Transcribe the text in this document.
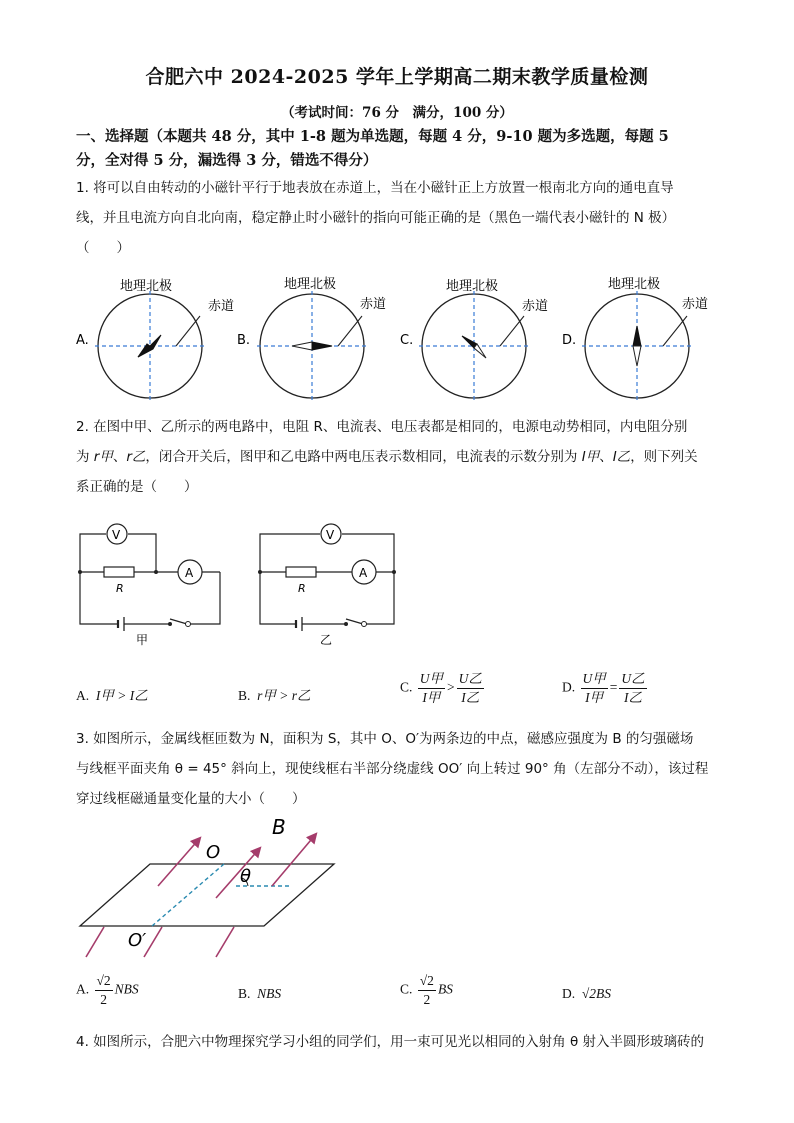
合肥六中 2024-2025 学年上学期高二期末教学质量检测
（考试时间：76 分　满分，100 分）
一、选择题（本题共 48 分，其中 1-8 题为单选题，每题 4 分，9-10 题为多选题，每题 5
分，全对得 5 分，漏选得 3 分，错选不得分）
1. 将可以自由转动的小磁针平行于地表放在赤道上，当在小磁针正上方放置一根南北方向的通电直导
线，并且电流方向自北向南，稳定静止时小磁针的指向可能正确的是（黑色一端代表小磁针的 N 极）
（　　）
A.
地理北极
赤道
B.
地理北极
赤道
C.
地理北极
赤道
D.
地理北极
赤道
2. 在图中甲、乙所示的两电路中，电阻 R、电流表、电压表都是相同的，电源电动势相同，内电阻分别
为 r甲、r乙，闭合开关后，图甲和乙电路中两电压表示数相同，电流表的示数分别为 I甲、I乙，则下列关
系正确的是（　　）
V
A
R
甲
V
A
R
乙
A. I甲 > I乙	B. r甲 > r乙
C. $\frac{\text{U甲}}{\text{I甲}} > \frac{\text{U乙}}{\text{I乙}}$	D. $\frac{\text{U甲}}{\text{I甲}} = \frac{\text{U乙}}{\text{I乙}}$
3. 如图所示，金属线框匝数为 N，面积为 S，其中 O、O′为两条边的中点，磁感应强度为 B 的匀强磁场
与线框平面夹角 θ = 45° 斜向上，现使线框右半部分绕虚线 OO′ 向上转过 90° 角（左部分不动），该过程
穿过线框磁通量变化量的大小（　　）
B
O
θ
O′
A. $\frac{√2}{2}$ NBS	B. NBS	C. $\frac{√2}{2}$ BS	D. √2BS
4. 如图所示，合肥六中物理探究学习小组的同学们，用一束可见光以相同的入射角 θ 射入半圆形玻璃砖的
